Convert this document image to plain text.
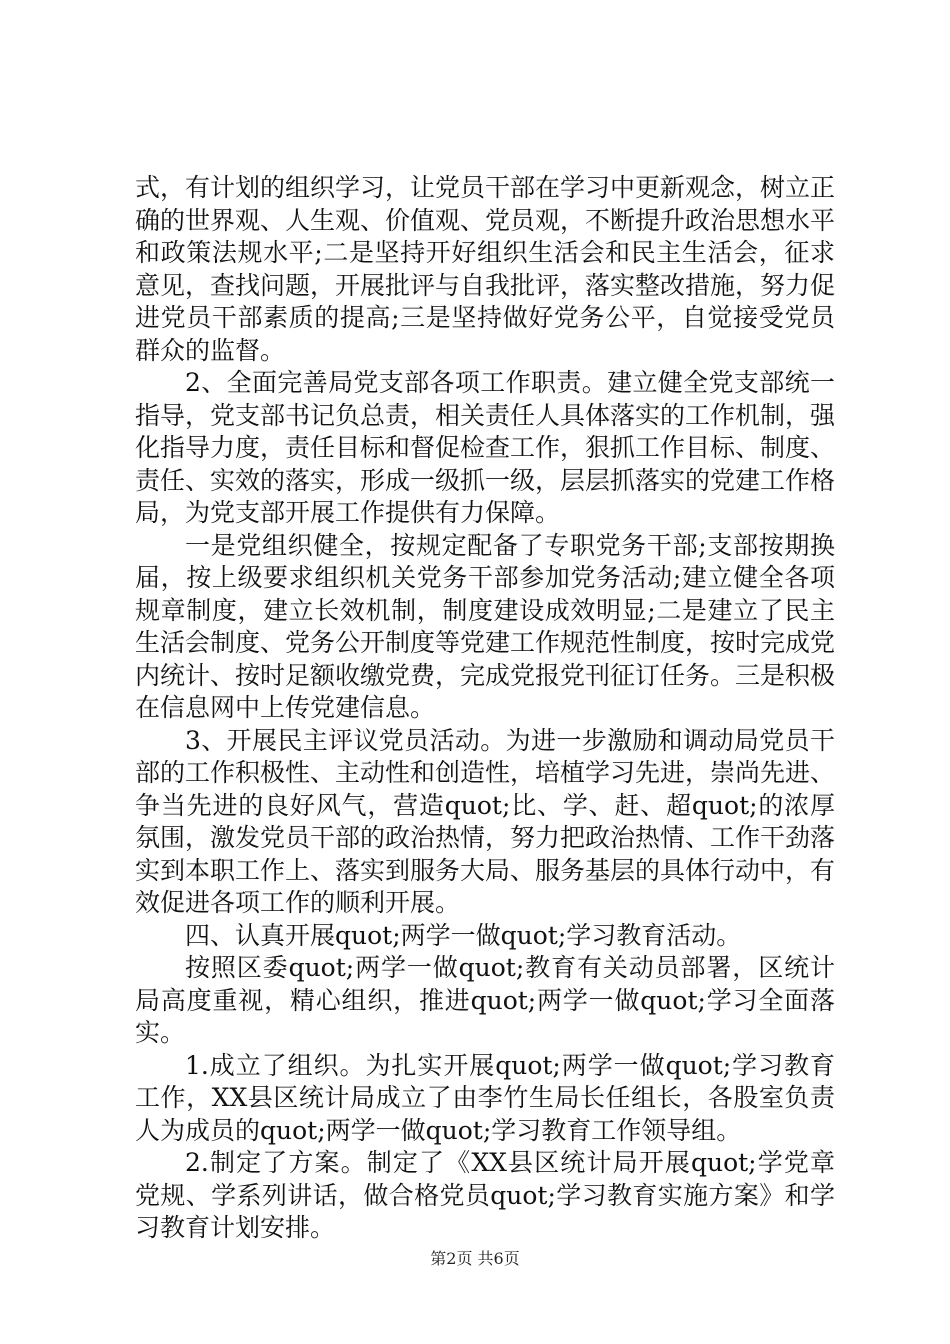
式，有计划的组织学习，让党员干部在学习中更新观念，树立正确的世界观、人生观、价值观、党员观，不断提升政治思想水平和政策法规水平;二是坚持开好组织生活会和民主生活会，征求意见，查找问题，开展批评与自我批评，落实整改措施，努力促进党员干部素质的提高;三是坚持做好党务公平，自觉接受党员群众的监督。

2、全面完善局党支部各项工作职责。建立健全党支部统一指导，党支部书记负总责，相关责任人具体落实的工作机制，强化指导力度，责任目标和督促检查工作，狠抓工作目标、制度、责任、实效的落实，形成一级抓一级，层层抓落实的党建工作格局，为党支部开展工作提供有力保障。

一是党组织健全，按规定配备了专职党务干部;支部按期换届，按上级要求组织机关党务干部参加党务活动;建立健全各项规章制度，建立长效机制，制度建设成效明显;二是建立了民主生活会制度、党务公开制度等党建工作规范性制度，按时完成党内统计、按时足额收缴党费，完成党报党刊征订任务。三是积极在信息网中上传党建信息。

3、开展民主评议党员活动。为进一步激励和调动局党员干部的工作积极性、主动性和创造性，培植学习先进，崇尚先进、争当先进的良好风气，营造quot;比、学、赶、超quot;的浓厚氛围，激发党员干部的政治热情，努力把政治热情、工作干劲落实到本职工作上、落实到服务大局、服务基层的具体行动中，有效促进各项工作的顺利开展。

四、认真开展quot;两学一做quot;学习教育活动。

按照区委quot;两学一做quot;教育有关动员部署，区统计局高度重视，精心组织，推进quot;两学一做quot;学习全面落实。

1.成立了组织。为扎实开展quot;两学一做quot;学习教育工作，XX县区统计局成立了由李竹生局长任组长，各股室负责人为成员的quot;两学一做quot;学习教育工作领导组。

2.制定了方案。制定了《XX县区统计局开展quot;学党章党规、学系列讲话，做合格党员quot;学习教育实施方案》和学习教育计划安排。

第2页 共6页
